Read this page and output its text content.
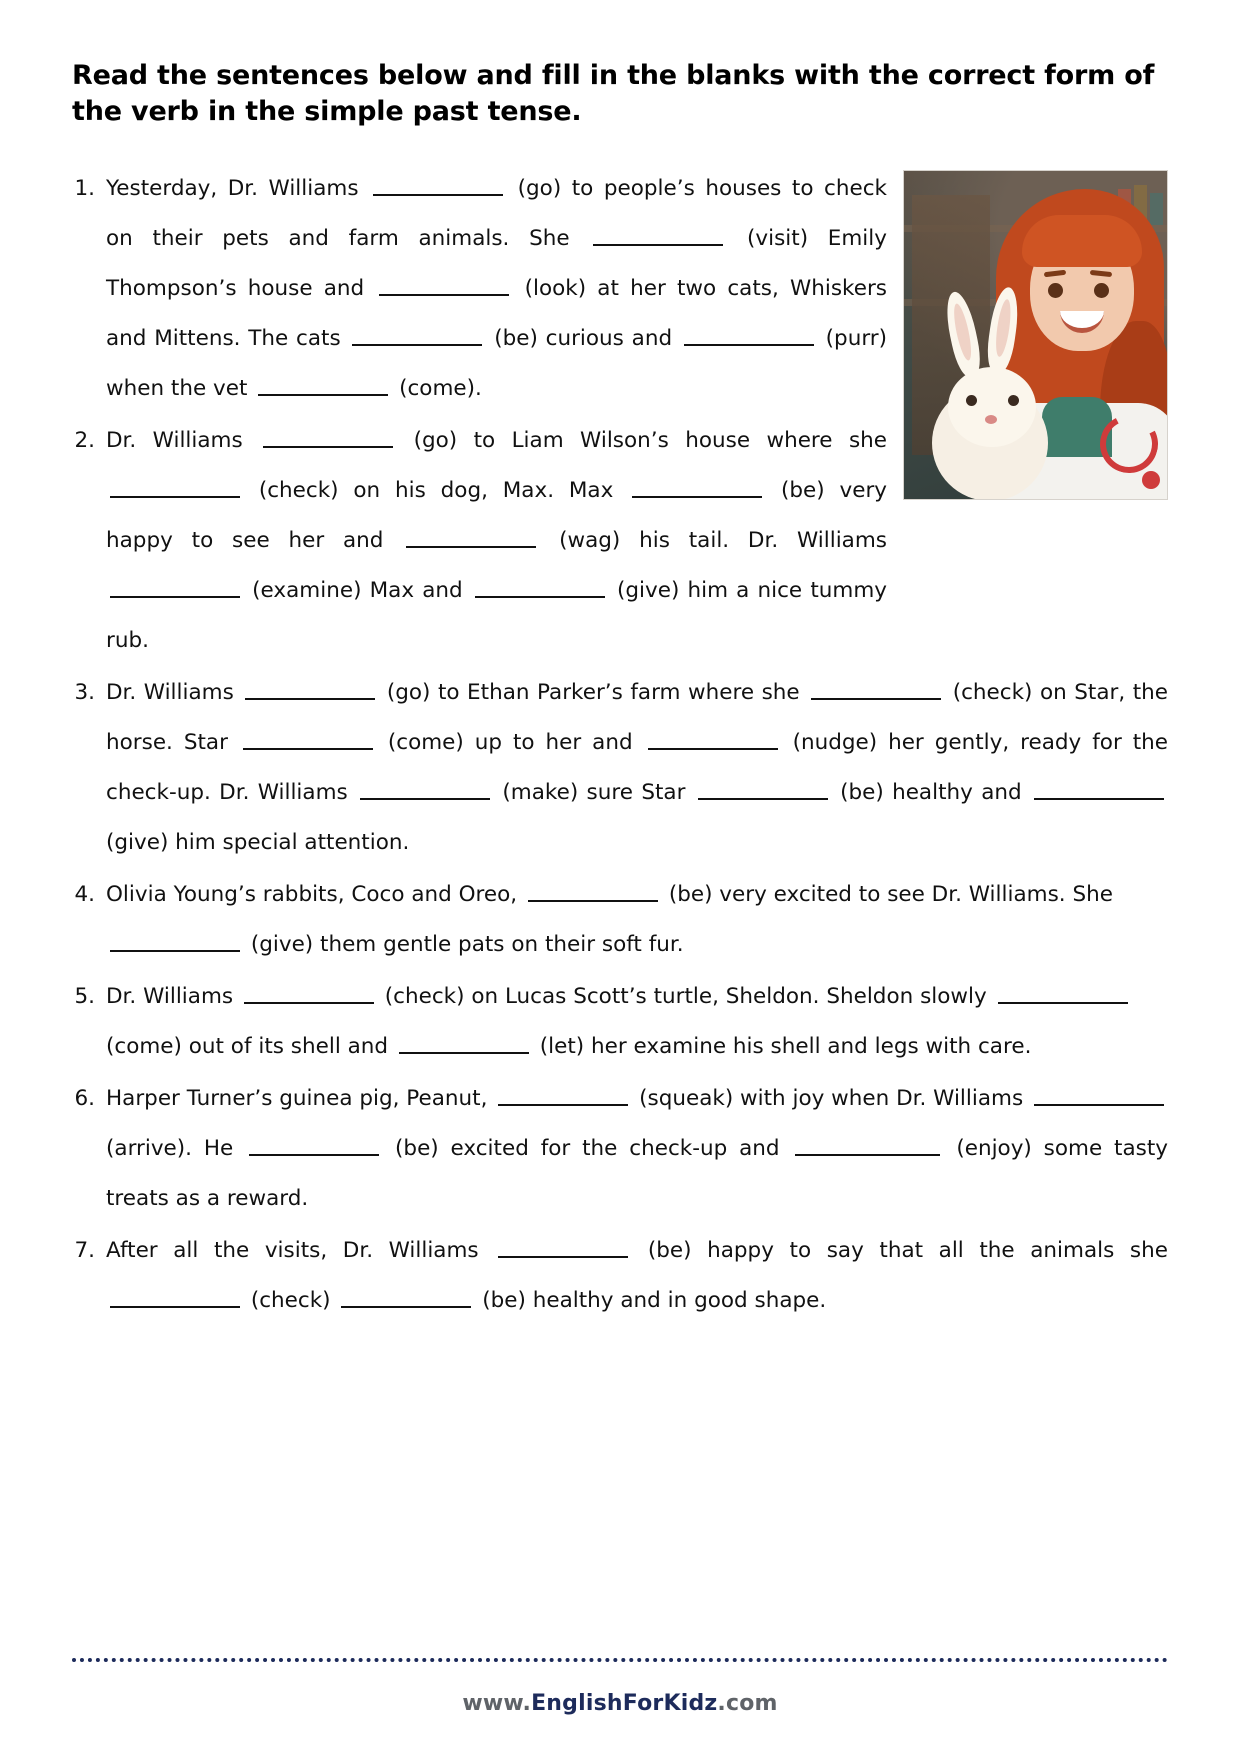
Read the sentences below and fill in the blanks with the correct form of the verb in the simple past tense.
1. Yesterday, Dr. Williams	(go) to people’s houses to check on their pets and farm animals. She	(visit) Emily Thompson’s house and	(look) at her two cats, Whiskers and Mittens. The cats	(be) curious and	(purr) when the vet	(come).
2. Dr. Williams	(go) to Liam Wilson’s house where she  (check) on his dog, Max. Max	(be) very happy to see her and	(wag) his tail. Dr. Williams  (examine) Max and	(give) him a nice tummy rub.
3. Dr. Williams	(go) to Ethan Parker’s farm where she	(check) on Star, the horse. Star	(come) up to her and	(nudge) her gently, ready for the check-up. Dr. Williams	(make) sure Star	(be) healthy and  (give) him special attention.
4. Olivia Young’s rabbits, Coco and Oreo,	(be) very excited to see Dr. Williams. She  (give) them gentle pats on their soft fur.
5. Dr. Williams	(check) on Lucas Scott’s turtle, Sheldon. Sheldon slowly  (come) out of its shell and	(let) her examine his shell and legs with care.
6. Harper Turner’s guinea pig, Peanut,	(squeak) with joy when Dr. Williams  (arrive). He	(be) excited for the check-up and	(enjoy) some tasty treats as a reward.
7. After all the visits, Dr. Williams	(be) happy to say that all the animals she  (check)	(be) healthy and in good shape.
www.EnglishForKidz.com
